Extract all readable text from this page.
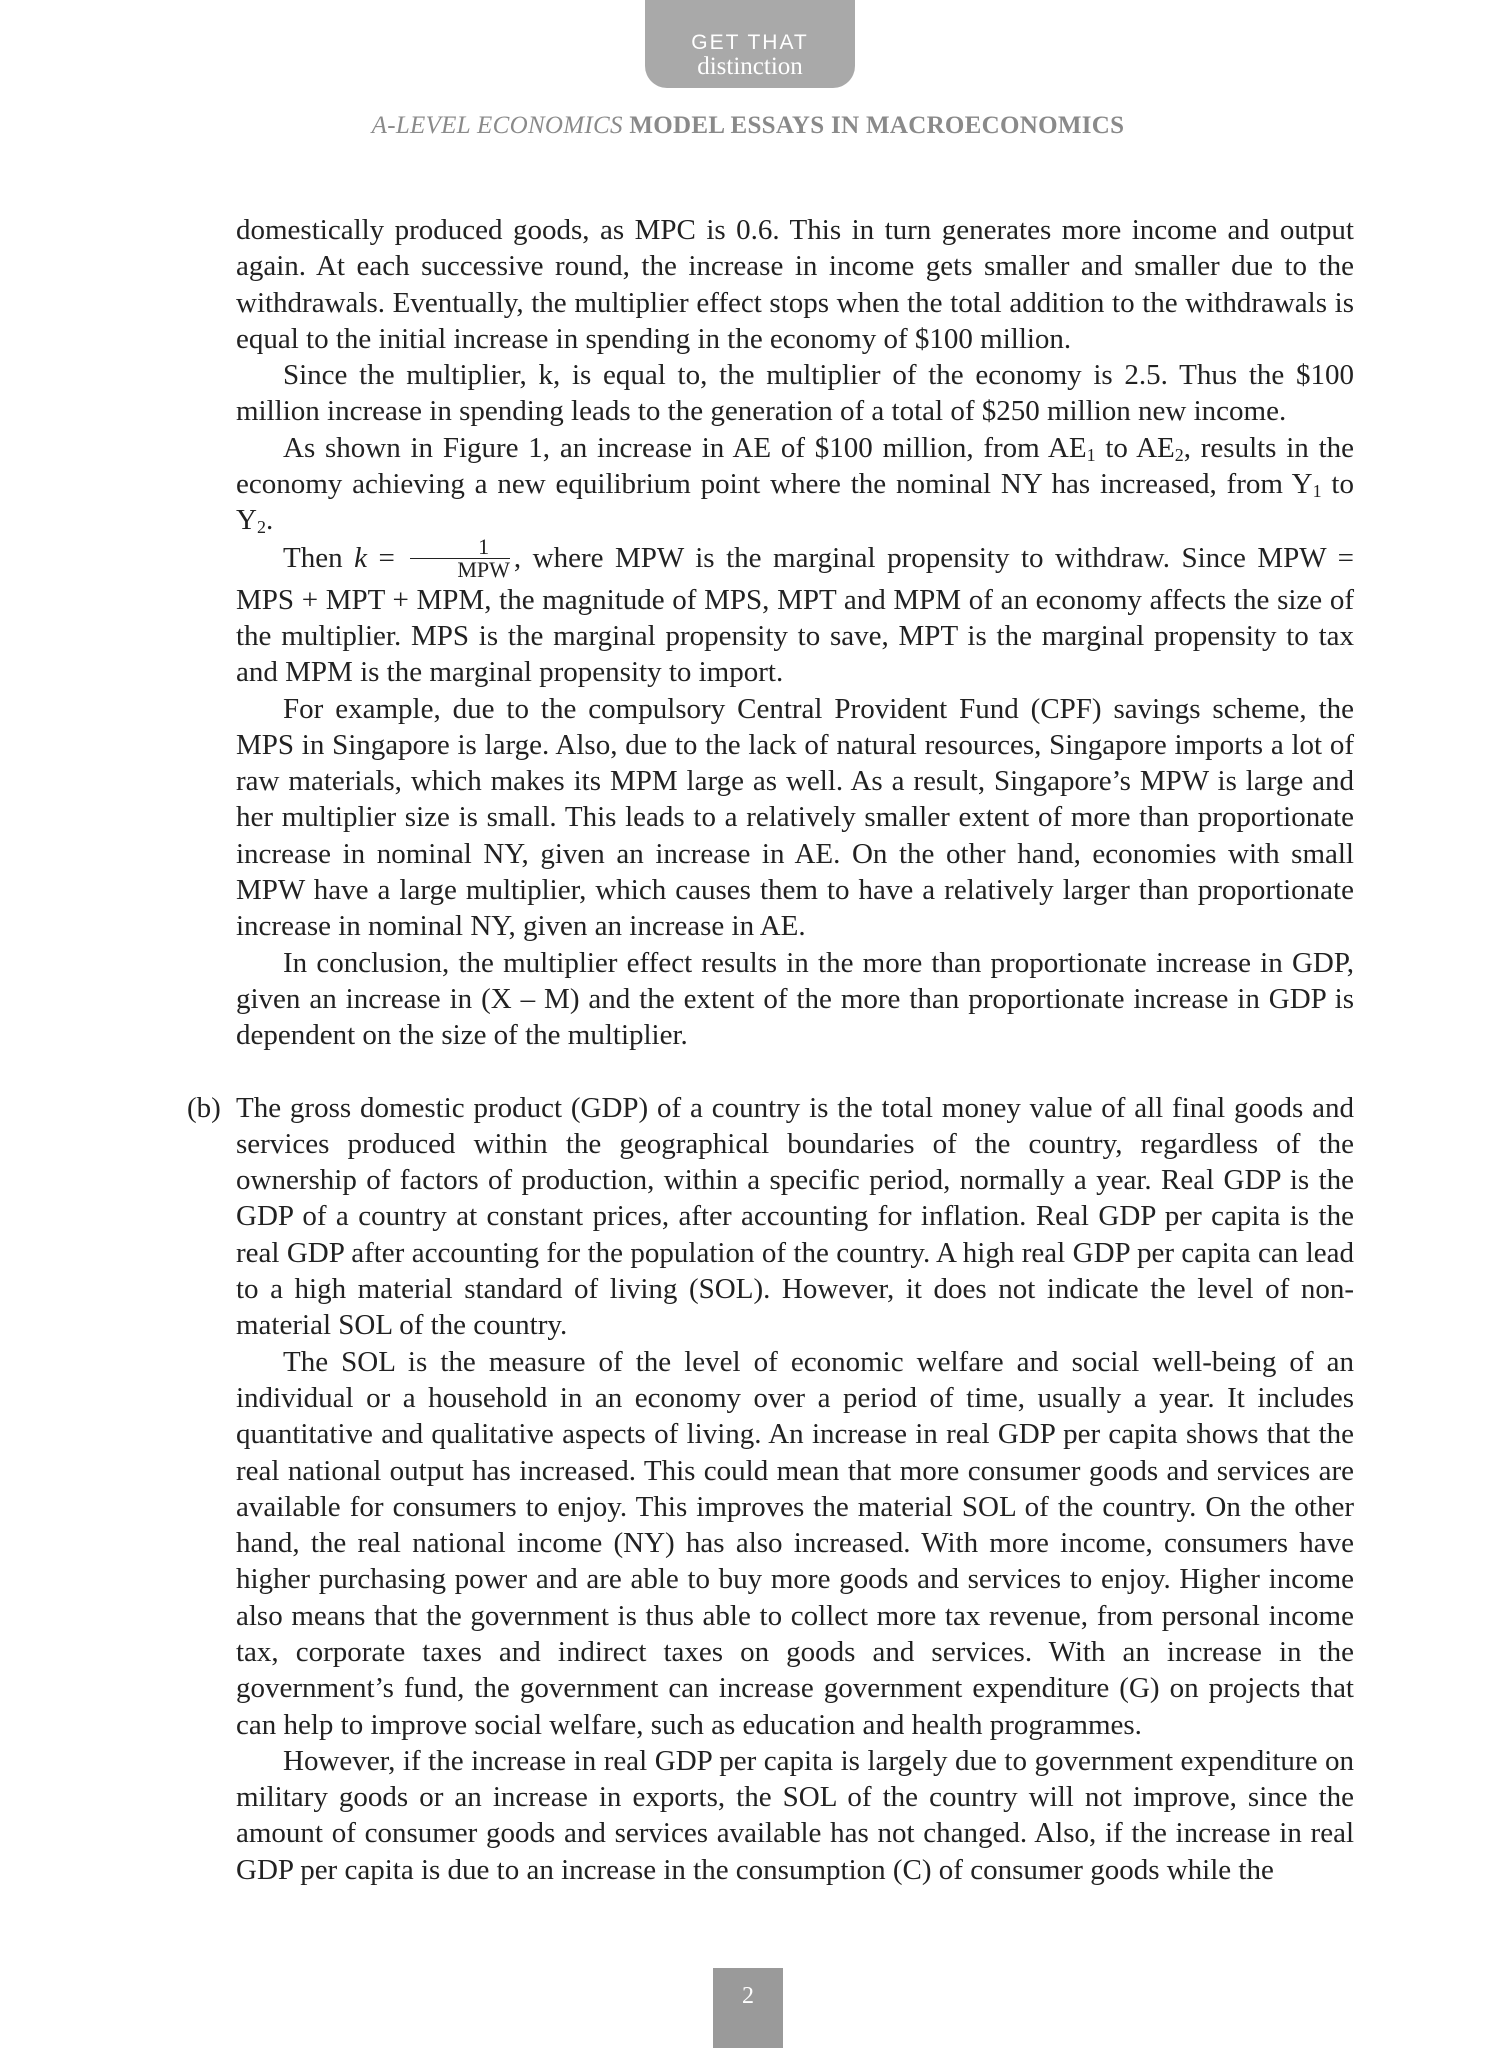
GET THAT
distinction
A-LEVEL ECONOMICS MODEL ESSAYS IN MACROECONOMICS

domestically produced goods, as MPC is 0.6. This in turn generates more income and output again. At each successive round, the increase in income gets smaller and smaller due to the withdrawals. Eventually, the multiplier effect stops when the total addition to the withdrawals is equal to the initial increase in spending in the economy of $100 million.

Since the multiplier, k, is equal to, the multiplier of the economy is 2.5. Thus the $100 million increase in spending leads to the generation of a total of $250 million new income.

As shown in Figure 1, an increase in AE of $100 million, from $AE_1$ to $AE_2$, results in the economy achieving a new equilibrium point where the nominal NY has increased, from $Y_1$ to $Y_2$.

Then $k = \frac{1}{\text{MPW}}$ , where MPW is the marginal propensity to withdraw. Since MPW = MPS + MPT + MPM, the magnitude of MPS, MPT and MPM of an economy affects the size of the multiplier. MPS is the marginal propensity to save, MPT is the marginal propensity to tax and MPM is the marginal propensity to import.

For example, due to the compulsory Central Provident Fund (CPF) savings scheme, the MPS in Singapore is large. Also, due to the lack of natural resources, Singapore imports a lot of raw materials, which makes its MPM large as well. As a result, Singapore’s MPW is large and her multiplier size is small. This leads to a relatively smaller extent of more than proportionate increase in nominal NY, given an increase in AE. On the other hand, economies with small MPW have a large multiplier, which causes them to have a relatively larger than proportionate increase in nominal NY, given an increase in AE.

In conclusion, the multiplier effect results in the more than proportionate increase in GDP, given an increase in (X – M) and the extent of the more than proportionate increase in GDP is dependent on the size of the multiplier.

(b) The gross domestic product (GDP) of a country is the total money value of all final goods and services produced within the geographical boundaries of the country, regardless of the ownership of factors of production, within a specific period, normally a year. Real GDP is the GDP of a country at constant prices, after accounting for inflation. Real GDP per capita is the real GDP after accounting for the population of the country. A high real GDP per capita can lead to a high material standard of living (SOL). However, it does not indicate the level of non-material SOL of the country.

The SOL is the measure of the level of economic welfare and social well-being of an individual or a household in an economy over a period of time, usually a year. It includes quantitative and qualitative aspects of living. An increase in real GDP per capita shows that the real national output has increased. This could mean that more consumer goods and services are available for consumers to enjoy. This improves the material SOL of the country. On the other hand, the real national income (NY) has also increased. With more income, consumers have higher purchasing power and are able to buy more goods and services to enjoy. Higher income also means that the government is thus able to collect more tax revenue, from personal income tax, corporate taxes and indirect taxes on goods and services. With an increase in the government’s fund, the government can increase government expenditure (G) on projects that can help to improve social welfare, such as education and health programmes.

However, if the increase in real GDP per capita is largely due to government expenditure on military goods or an increase in exports, the SOL of the country will not improve, since the amount of consumer goods and services available has not changed. Also, if the increase in real GDP per capita is due to an increase in the consumption (C) of consumer goods while the

2
